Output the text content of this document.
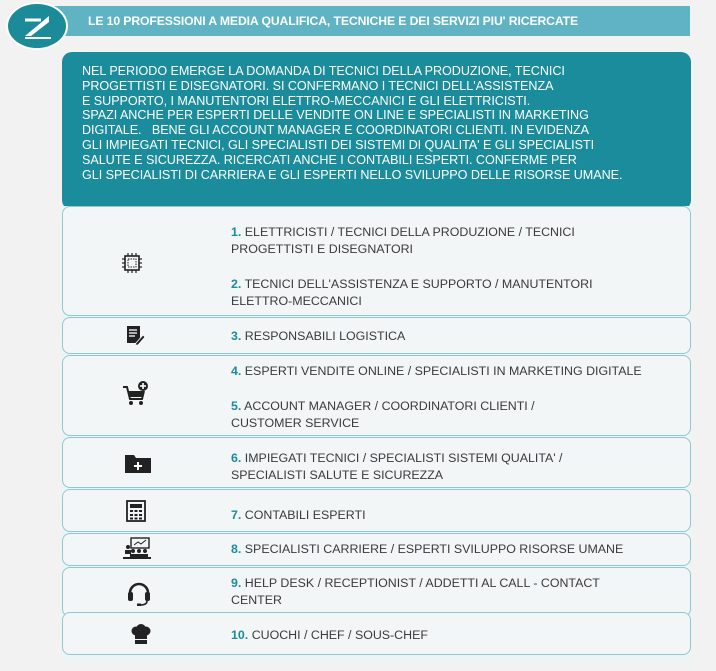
LE 10 PROFESSIONI A MEDIA QUALIFICA, TECNICHE E DEI SERVIZI PIU' RICERCATE
NEL PERIODO EMERGE LA DOMANDA DI TECNICI DELLA PRODUZIONE, TECNICI
PROGETTISTI E DISEGNATORI. SI CONFERMANO I TECNICI DELL'ASSISTENZA
E SUPPORTO, I MANUTENTORI ELETTRO-MECCANICI E GLI ELETTRICISTI.
SPAZI ANCHE PER ESPERTI DELLE VENDITE ON LINE E SPECIALISTI IN MARKETING
DIGITALE.   BENE GLI ACCOUNT MANAGER E COORDINATORI CLIENTI. IN EVIDENZA
GLI IMPIEGATI TECNICI, GLI SPECIALISTI DEI SISTEMI DI QUALITA' E GLI SPECIALISTI
SALUTE E SICUREZZA. RICERCATI ANCHE I CONTABILI ESPERTI. CONFERME PER
GLI SPECIALISTI DI CARRIERA E GLI ESPERTI NELLO SVILUPPO DELLE RISORSE UMANE.
1. ELETTRICISTI / TECNICI DELLA PRODUZIONE / TECNICI
PROGETTISTI E DISEGNATORI
2. TECNICI DELL'ASSISTENZA E SUPPORTO / MANUTENTORI
ELETTRO-MECCANICI
3. RESPONSABILI LOGISTICA
4. ESPERTI VENDITE ONLINE / SPECIALISTI IN MARKETING DIGITALE
5. ACCOUNT MANAGER / COORDINATORI CLIENTI /
CUSTOMER SERVICE
6. IMPIEGATI TECNICI / SPECIALISTI SISTEMI QUALITA' /
SPECIALISTI SALUTE E SICUREZZA
7. CONTABILI ESPERTI
8. SPECIALISTI CARRIERE / ESPERTI SVILUPPO RISORSE UMANE
9. HELP DESK / RECEPTIONIST / ADDETTI AL CALL - CONTACT
CENTER
10. CUOCHI / CHEF / SOUS-CHEF
